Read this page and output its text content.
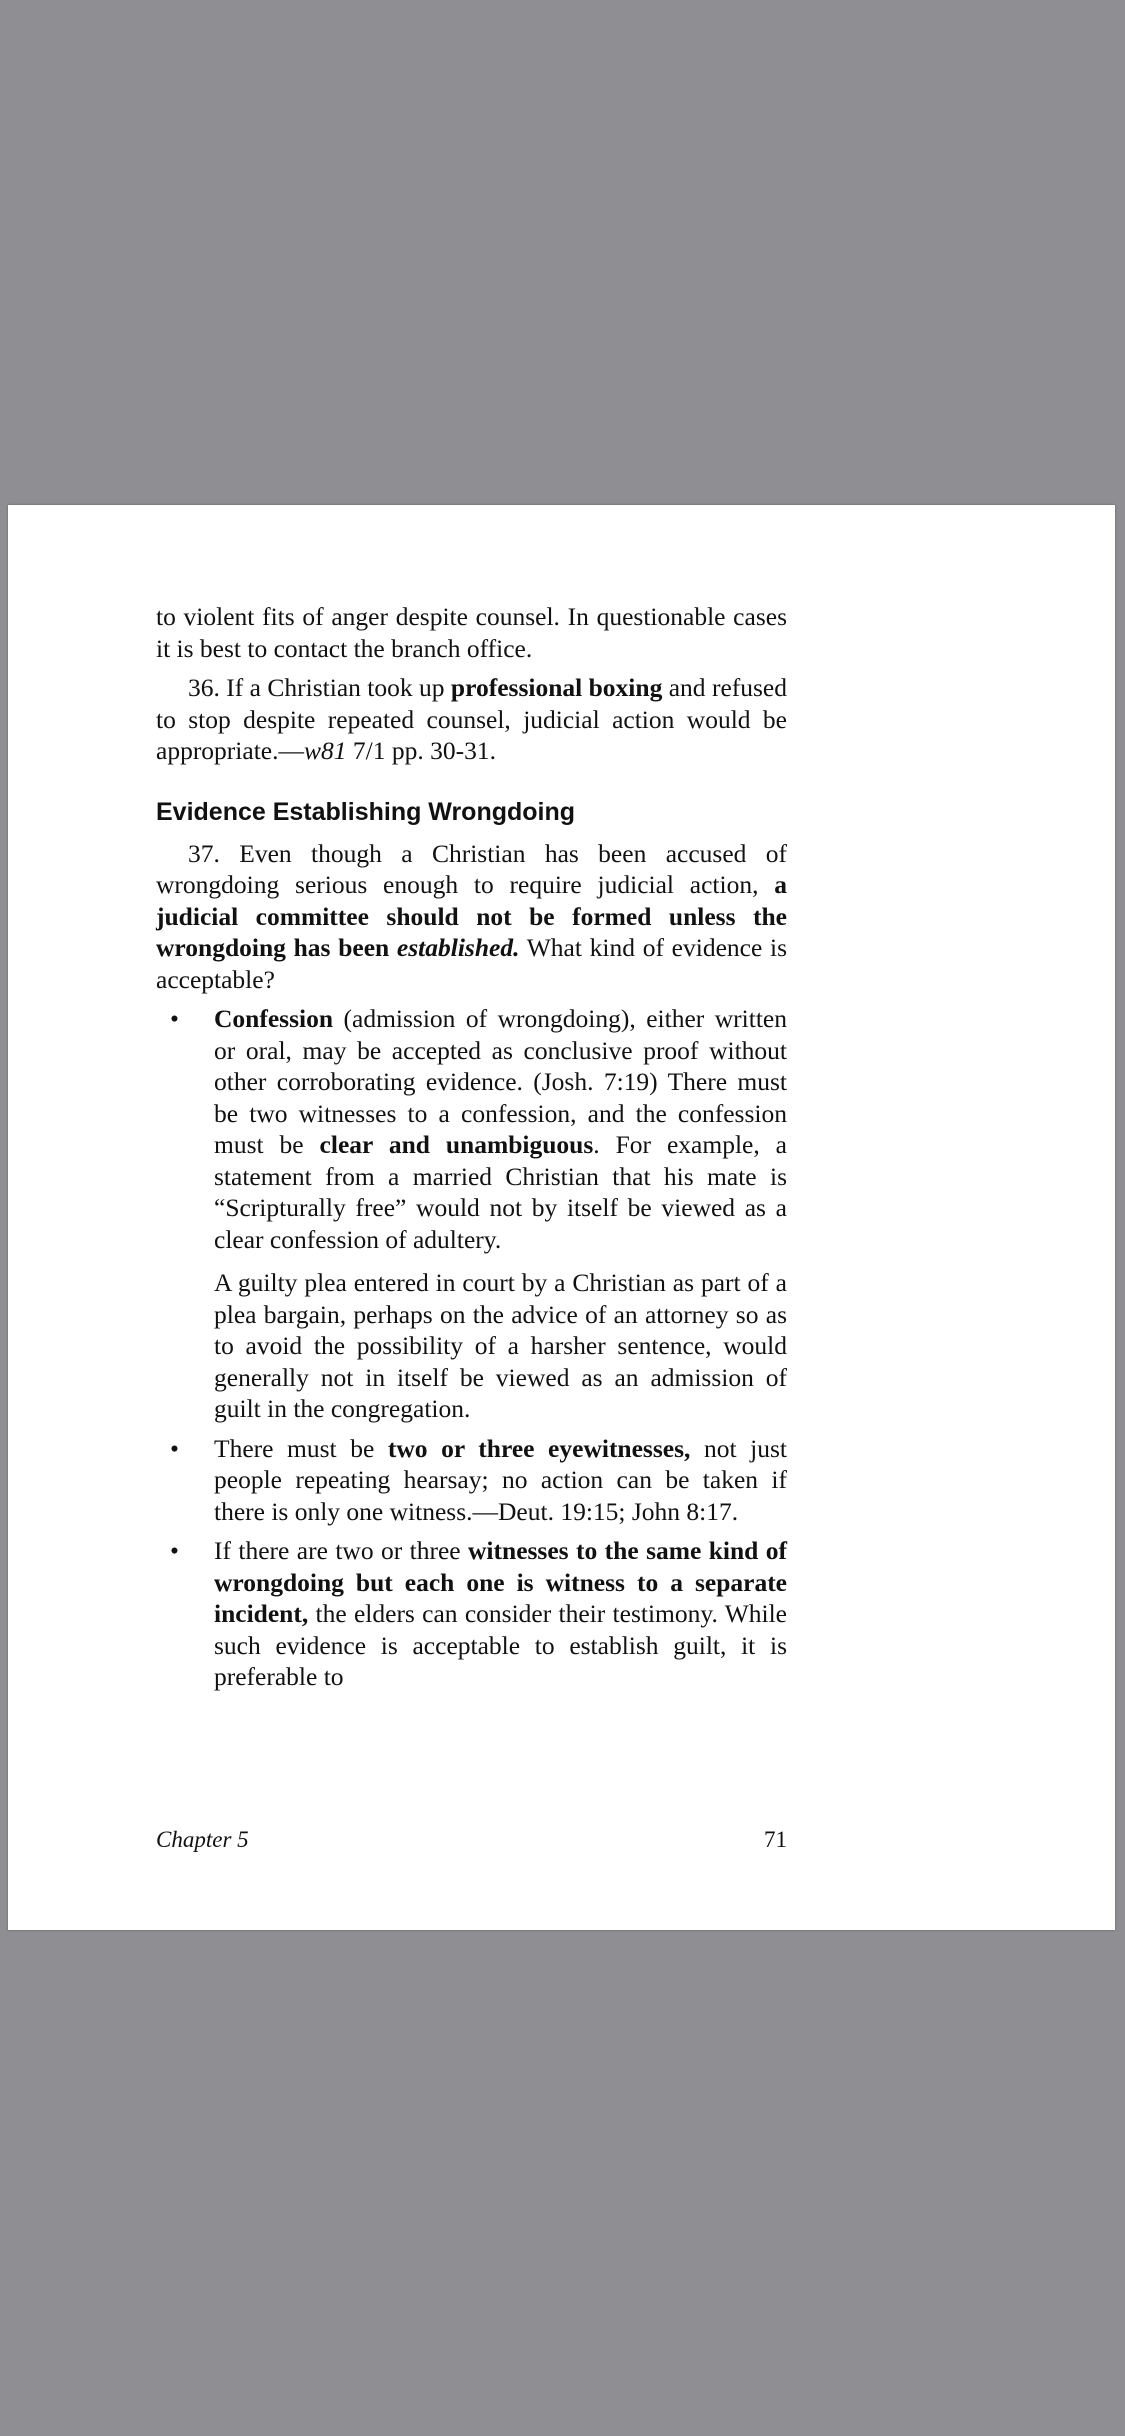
to violent fits of anger despite counsel. In questionable cases it is best to contact the branch office.

36. If a Christian took up professional boxing and refused to stop despite repeated counsel, judicial action would be appropriate.—w81 7/1 pp. 30-31.

Evidence Establishing Wrongdoing

37. Even though a Christian has been accused of wrongdoing serious enough to require judicial action, a judicial committee should not be formed unless the wrongdoing has been established. What kind of evidence is acceptable?

• Confession (admission of wrongdoing), either written or oral, may be accepted as conclusive proof without other corroborating evidence. (Josh. 7:19) There must be two witnesses to a confession, and the confession must be clear and unambiguous. For example, a statement from a married Christian that his mate is “Scripturally free” would not by itself be viewed as a clear confession of adultery.

A guilty plea entered in court by a Christian as part of a plea bargain, perhaps on the advice of an attorney so as to avoid the possibility of a harsher sentence, would generally not in itself be viewed as an admission of guilt in the congregation.

• There must be two or three eyewitnesses, not just people repeating hearsay; no action can be taken if there is only one witness.—Deut. 19:15; John 8:17.

• If there are two or three witnesses to the same kind of wrongdoing but each one is witness to a separate incident, the elders can consider their testimony. While such evidence is acceptable to establish guilt, it is preferable to

Chapter 5	71
